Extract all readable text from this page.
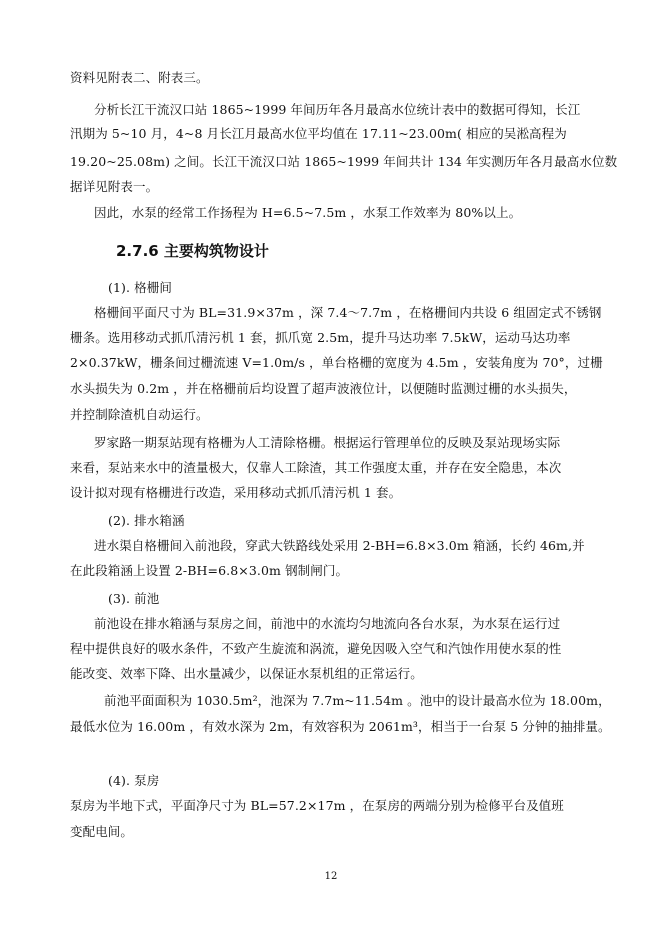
资料见附表二、附表三。
分析长江干流汉口站 1865~1999 年间历年各月最高水位统计表中的数据可得知，长江
汛期为 5~10 月，4~8 月长江月最高水位平均值在 17.11~23.00m( 相应的吴淞高程为
19.20~25.08m) 之间。长江干流汉口站 1865~1999 年间共计 134 年实测历年各月最高水位数
据详见附表一。
因此，水泵的经常工作扬程为 H=6.5~7.5m ，水泵工作效率为 80%以上。
2.7.6 主要构筑物设计
(1). 格栅间
格栅间平面尺寸为 BL=31.9×37m ，深 7.4～7.7m ，在格栅间内共设 6 组固定式不锈钢
栅条。选用移动式抓爪清污机 1 套，抓爪宽 2.5m，提升马达功率 7.5kW，运动马达功率
2×0.37kW，栅条间过栅流速 V=1.0m/s ，单台格栅的宽度为 4.5m ，安装角度为 70°，过栅
水头损失为 0.2m ，并在格栅前后均设置了超声波液位计，以便随时监测过栅的水头损失，
并控制除渣机自动运行。
罗家路一期泵站现有格栅为人工清除格栅。根据运行管理单位的反映及泵站现场实际
来看，泵站来水中的渣量极大，仅靠人工除渣，其工作强度太重，并存在安全隐患，本次
设计拟对现有格栅进行改造，采用移动式抓爪清污机 1 套。
(2). 排水箱涵
进水渠自格栅间入前池段，穿武大铁路线处采用 2-BH=6.8×3.0m 箱涵，长约 46m,并
在此段箱涵上设置 2-BH=6.8×3.0m 钢制闸门。
(3). 前池
前池设在排水箱涵与泵房之间，前池中的水流均匀地流向各台水泵，为水泵在运行过
程中提供良好的吸水条件，不致产生旋流和涡流，避免因吸入空气和汽蚀作用使水泵的性
能改变、效率下降、出水量减少，以保证水泵机组的正常运行。
前池平面面积为 1030.5m²，池深为 7.7m~11.54m 。池中的设计最高水位为 18.00m，
最低水位为 16.00m ，有效水深为 2m，有效容积为 2061m³，相当于一台泵 5 分钟的抽排量。
(4). 泵房
泵房为半地下式，平面净尺寸为 BL=57.2×17m ，在泵房的两端分别为检修平台及值班
变配电间。
12
